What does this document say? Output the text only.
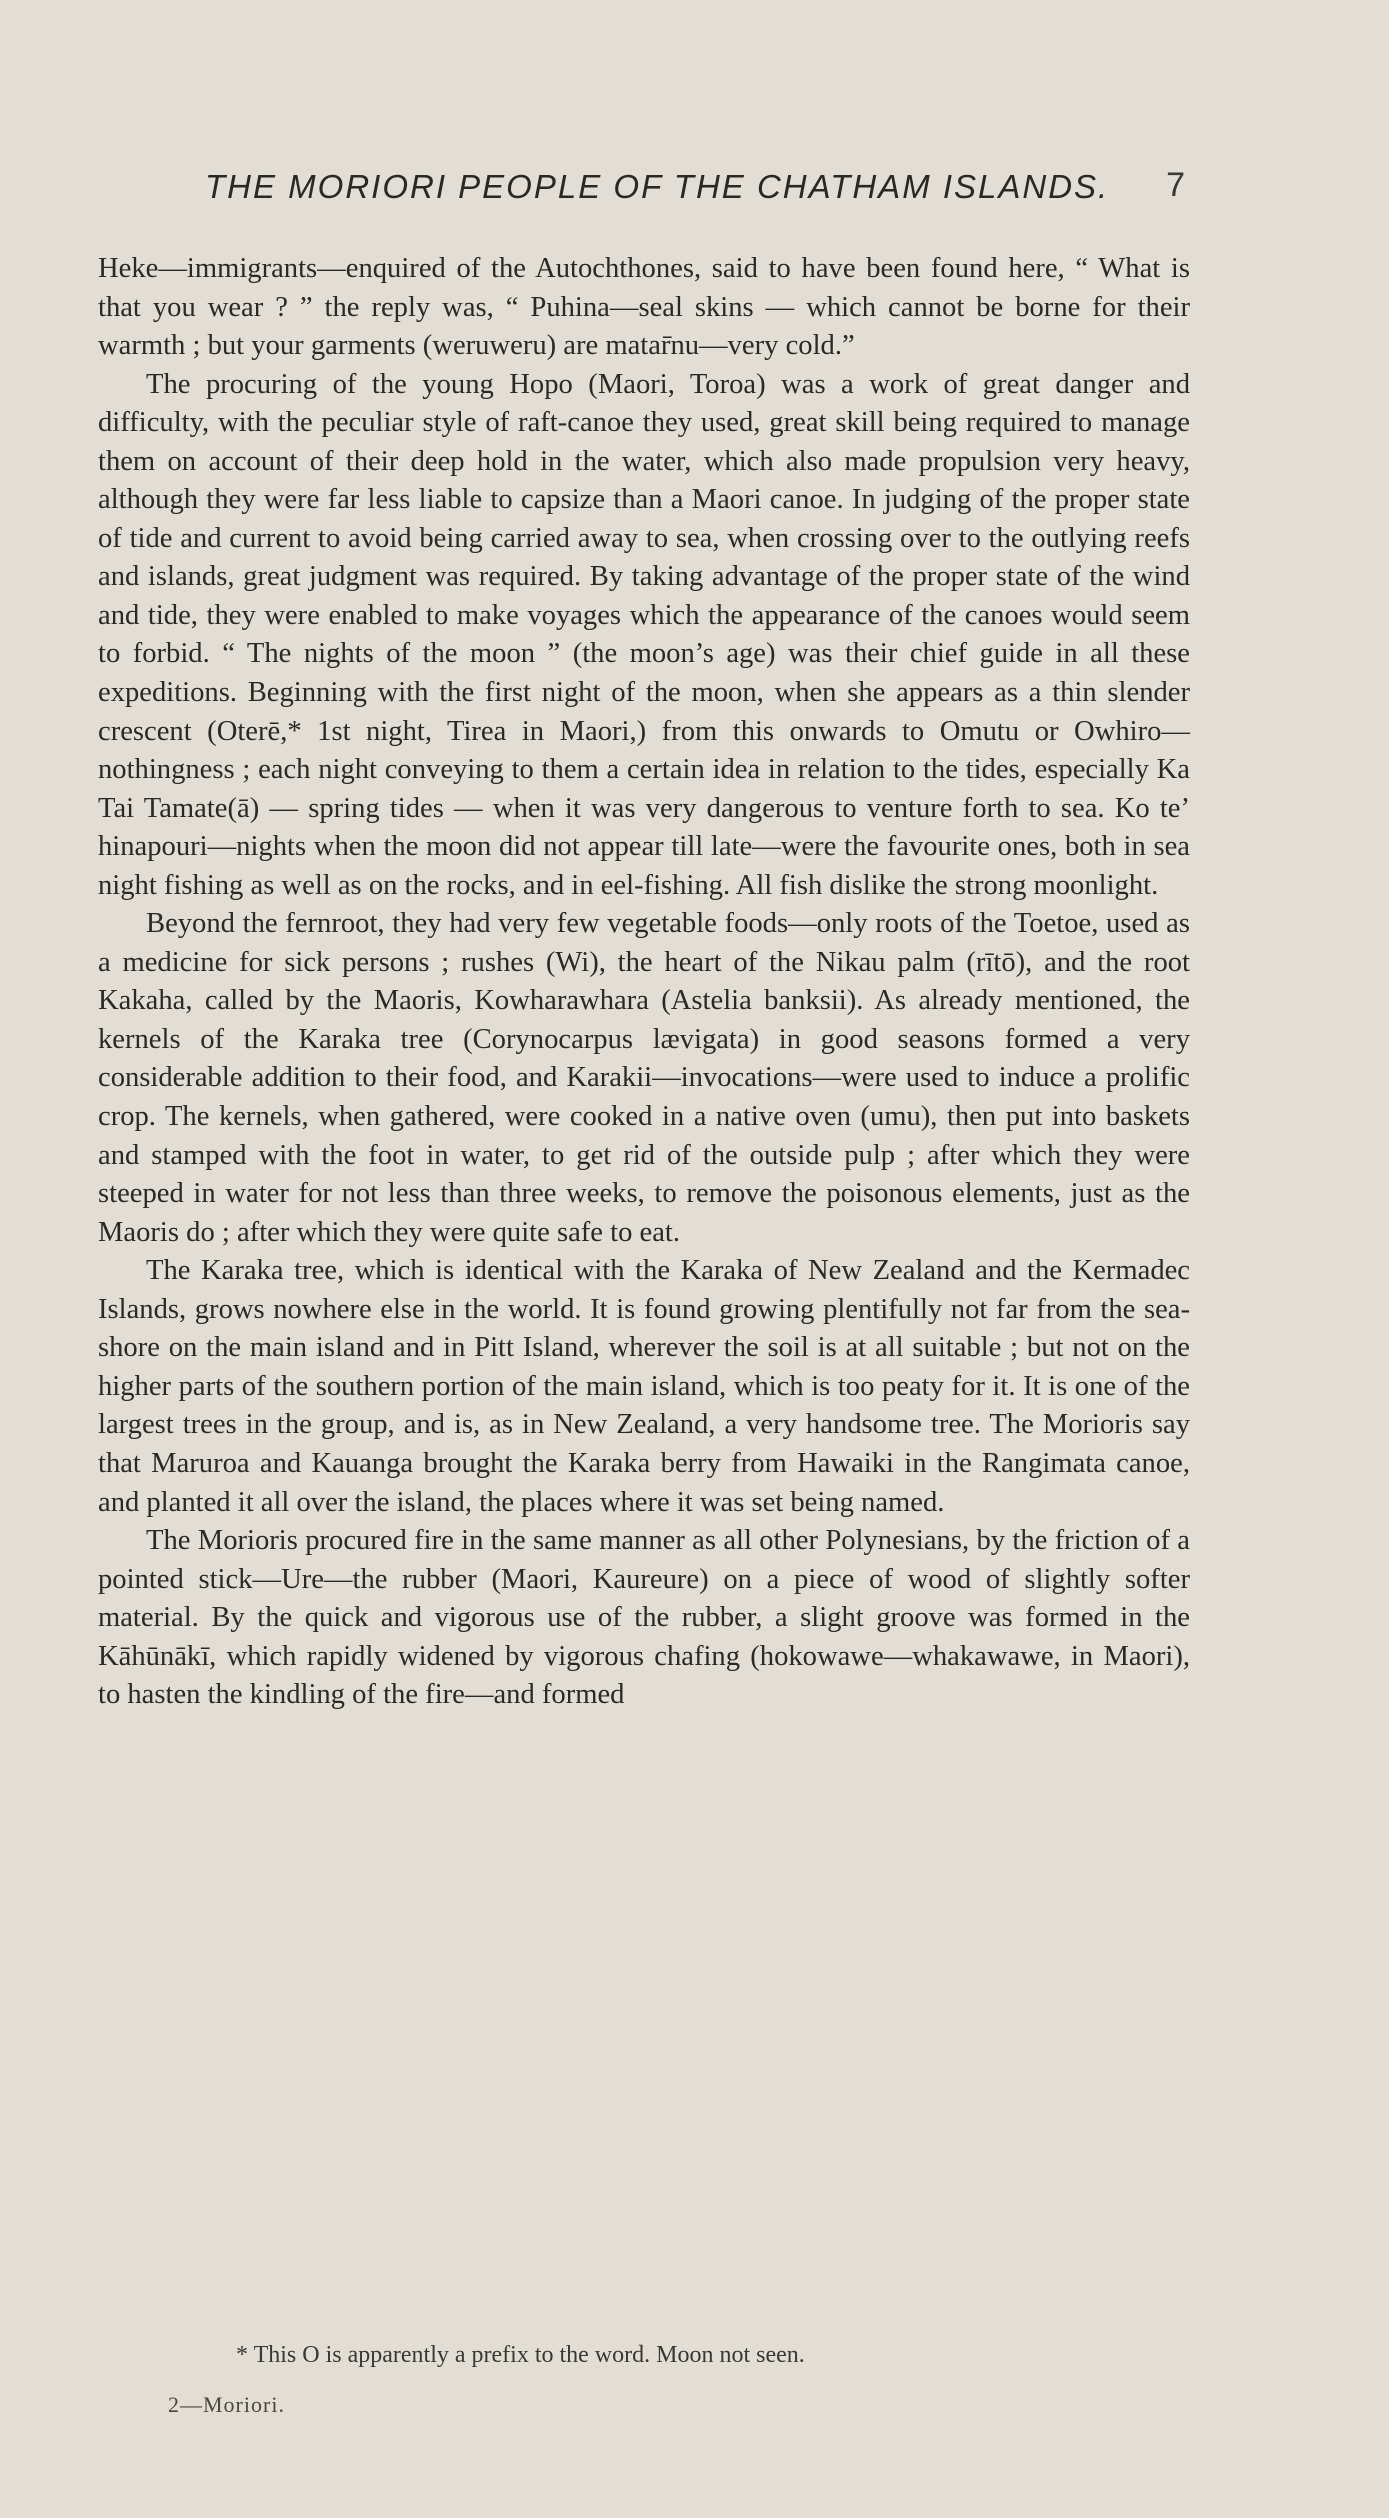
THE MORIORI PEOPLE OF THE CHATHAM ISLANDS. 7

Heke—immigrants—enquired of the Autochthones, said to have been found here, “ What is that you wear ? ” the reply was, “ Puhina—seal skins — which cannot be borne for their warmth ; but your garments (weruweru) are matar̄nu—very cold.”

The procuring of the young Hopo (Maori, Toroa) was a work of great danger and difficulty, with the peculiar style of raft-canoe they used, great skill being required to manage them on account of their deep hold in the water, which also made propulsion very heavy, although they were far less liable to capsize than a Maori canoe. In judging of the proper state of tide and current to avoid being carried away to sea, when crossing over to the outlying reefs and islands, great judgment was required. By taking advantage of the proper state of the wind and tide, they were enabled to make voyages which the appearance of the canoes would seem to forbid. “ The nights of the moon ” (the moon’s age) was their chief guide in all these expeditions. Beginning with the first night of the moon, when she appears as a thin slender crescent (Oterē,* 1st night, Tirea in Maori,) from this onwards to Omutu or Owhiro—nothingness ; each night conveying to them a certain idea in relation to the tides, especially Ka Tai Tamate(ā) — spring tides — when it was very dangerous to venture forth to sea. Ko te’ hinapouri—nights when the moon did not appear till late—were the favourite ones, both in sea night fishing as well as on the rocks, and in eel-fishing. All fish dislike the strong moonlight.

Beyond the fernroot, they had very few vegetable foods—only roots of the Toetoe, used as a medicine for sick persons ; rushes (Wi), the heart of the Nikau palm (rītō), and the root Kakaha, called by the Maoris, Kowharawhara (Astelia banksii). As already mentioned, the kernels of the Karaka tree (Corynocarpus lævigata) in good seasons formed a very considerable addition to their food, and Karakii—invocations—were used to induce a prolific crop. The kernels, when gathered, were cooked in a native oven (umu), then put into baskets and stamped with the foot in water, to get rid of the outside pulp ; after which they were steeped in water for not less than three weeks, to remove the poisonous elements, just as the Maoris do ; after which they were quite safe to eat.

The Karaka tree, which is identical with the Karaka of New Zealand and the Kermadec Islands, grows nowhere else in the world. It is found growing plentifully not far from the sea-shore on the main island and in Pitt Island, wherever the soil is at all suitable ; but not on the higher parts of the southern portion of the main island, which is too peaty for it. It is one of the largest trees in the group, and is, as in New Zealand, a very handsome tree. The Morioris say that Maruroa and Kauanga brought the Karaka berry from Hawaiki in the Rangimata canoe, and planted it all over the island, the places where it was set being named.

The Morioris procured fire in the same manner as all other Polynesians, by the friction of a pointed stick—Ure—the rubber (Maori, Kaureure) on a piece of wood of slightly softer material. By the quick and vigorous use of the rubber, a slight groove was formed in the Kāhūnākī, which rapidly widened by vigorous chafing (hokowawe—whakawawe, in Maori), to hasten the kindling of the fire—and formed

* This O is apparently a prefix to the word. Moon not seen.
2—Moriori.
